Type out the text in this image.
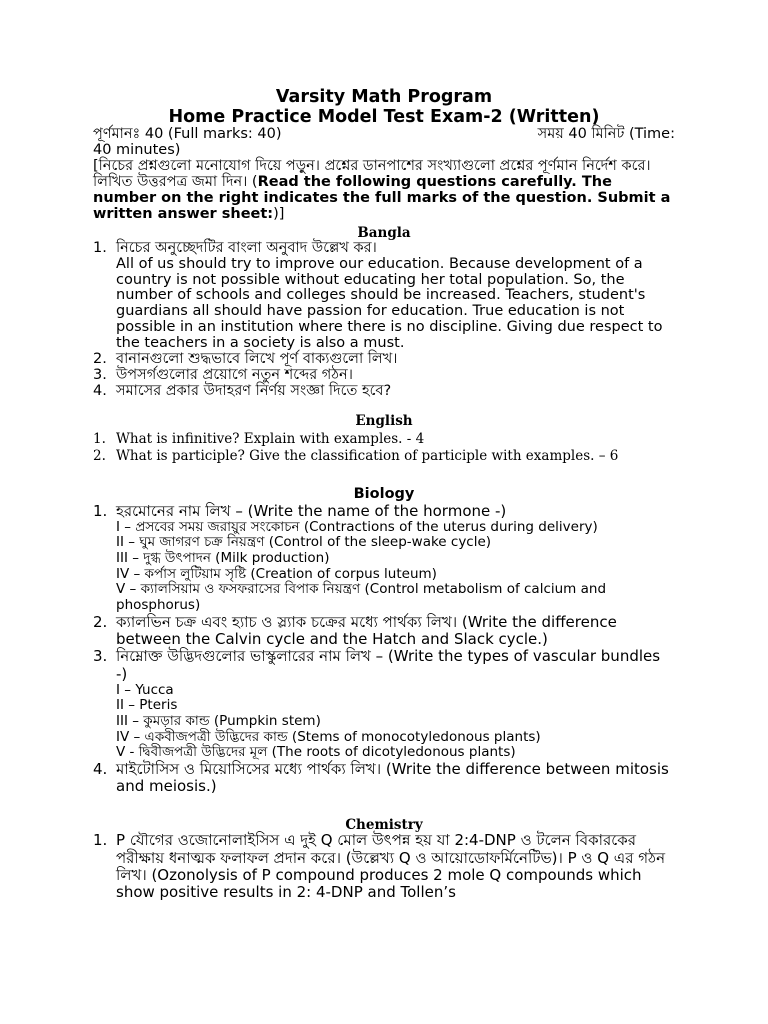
Varsity Math Program
Home Practice Model Test Exam-2 (Written)
পূর্ণমানঃ 40 (Full marks: 40)	সময় 40 মিনিট (Time:
40 minutes)
[নিচের প্রশ্নগুলো মনোযোগ দিয়ে পড়ুন। প্রশ্নের ডানপাশের সংখ্যাগুলো প্রশ্নের পূর্ণমান নির্দেশ করে। লিখিত উত্তরপত্র জমা দিন। (Read the following questions carefully. The number on the right indicates the full marks of the question. Submit a written answer sheet:)]
Bangla
1. নিচের অনুচ্ছেদটির বাংলা অনুবাদ উল্লেখ কর।
All of us should try to improve our education. Because development of a country is not possible without educating her total population. So, the number of schools and colleges should be increased. Teachers, student's guardians all should have passion for education. True education is not possible in an institution where there is no discipline. Giving due respect to the teachers in a society is also a must.
2. বানানগুলো শুদ্ধভাবে লিখে পূর্ণ বাক্যগুলো লিখ।
3. উপসর্গগুলোর প্রয়োগে নতুন শব্দের গঠন।
4. সমাসের প্রকার উদাহরণ নির্ণয় সংজ্ঞা দিতে হবে?
English
1. What is infinitive? Explain with examples. - 4
2. What is participle? Give the classification of participle with examples. – 6
Biology
1. হরমোনের নাম লিখ – (Write the name of the hormone -)
I – প্রসবের সময় জরায়ুর সংকোচন (Contractions of the uterus during delivery)
II – ঘুম জাগরণ চক্র নিয়ন্ত্রণ (Control of the sleep-wake cycle)
III – দুগ্ধ উৎপাদন (Milk production)
IV – কর্পাস লুটিয়াম সৃষ্টি (Creation of corpus luteum)
V – ক্যালসিয়াম ও ফসফরাসের বিপাক নিয়ন্ত্রণ (Control metabolism of calcium and phosphorus)
2. ক্যালভিন চক্র এবং হ্যাচ ও স্ল্যাক চক্রের মধ্যে পার্থক্য লিখ। (Write the difference between the Calvin cycle and the Hatch and Slack cycle.)
3. নিম্নোক্ত উদ্ভিদগুলোর ভাস্কুলারের নাম লিখ – (Write the types of vascular bundles -)
I – Yucca
II – Pteris
III – কুমড়ার কান্ড (Pumpkin stem)
IV – একবীজপত্রী উদ্ভিদের কান্ড (Stems of monocotyledonous plants)
V - দ্বিবীজপত্রী উদ্ভিদের মূল (The roots of dicotyledonous plants)
4. মাইটোসিস ও মিয়োসিসের মধ্যে পার্থক্য লিখ। (Write the difference between mitosis and meiosis.)
Chemistry
1. P যৌগের ওজোনোলাইসিস এ দুই Q মোল উৎপন্ন হয় যা 2:4-DNP ও টলেন বিকারকের পরীক্ষায় ধনাত্মক ফলাফল প্রদান করে। (উল্লেখ্য Q ও আয়োডোফর্মিনেটিভ)। P ও Q এর গঠন লিখ। (Ozonolysis of P compound produces 2 mole Q compounds which show positive results in 2: 4-DNP and Tollen’s
